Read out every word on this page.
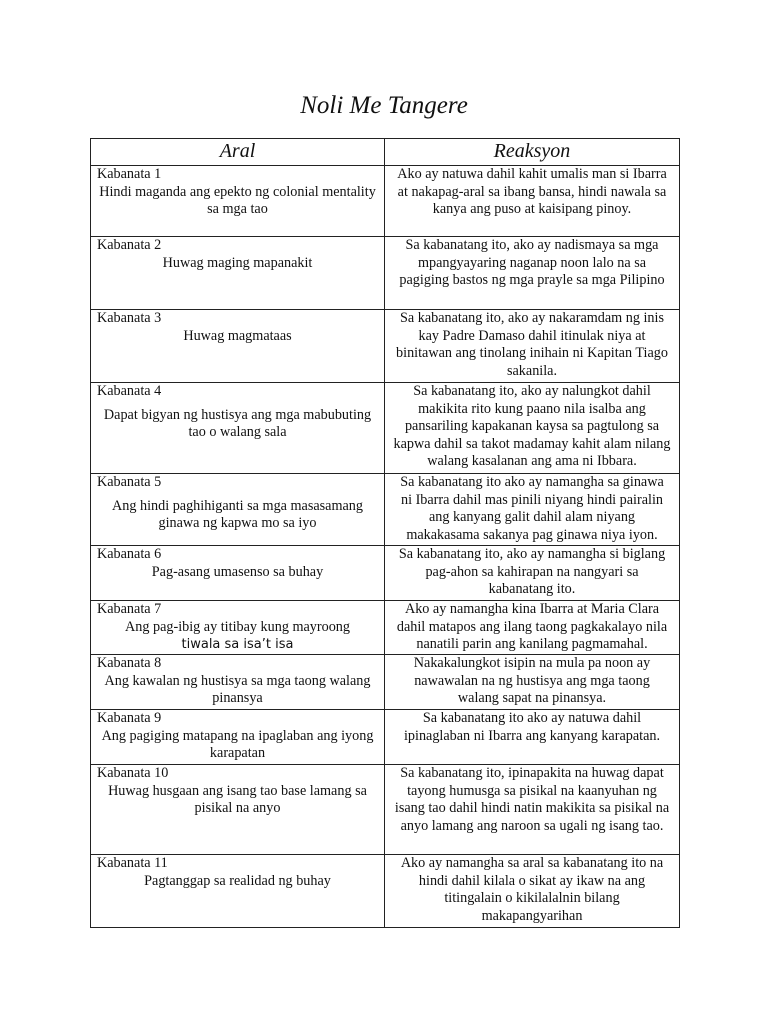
Noli Me Tangere
Aral	Reaksyon

Kabanata 1
Hindi maganda ang epekto ng colonial mentality sa mga tao	Ako ay natuwa dahil kahit umalis man si Ibarra at nakapag-aral sa ibang bansa, hindi nawala sa kanya ang puso at kaisipang pinoy.

Kabanata 2
Huwag maging mapanakit	Sa kabanatang ito, ako ay nadismaya sa mga mpangyayaring naganap noon lalo na sa pagiging bastos ng mga prayle sa mga Pilipino

Kabanata 3
Huwag magmataas	Sa kabanatang ito, ako ay nakaramdam ng inis kay Padre Damaso dahil itinulak niya at binitawan ang tinolang inihain ni Kapitan Tiago sakanila.

Kabanata 4
Dapat bigyan ng hustisya ang mga mabubuting tao o walang sala	Sa kabanatang ito, ako ay nalungkot dahil makikita rito kung paano nila isalba ang pansariling kapakanan kaysa sa pagtulong sa kapwa dahil sa takot madamay kahit alam nilang walang kasalanan ang ama ni Ibbara.

Kabanata 5
Ang hindi paghihiganti sa mga masasamang ginawa ng kapwa mo sa iyo	Sa kabanatang ito ako ay namangha sa ginawa ni Ibarra dahil mas pinili niyang hindi pairalin ang kanyang galit dahil alam niyang makakasama sakanya pag ginawa niya iyon.

Kabanata 6
Pag-asang umasenso sa buhay	Sa kabanatang ito, ako ay namangha si biglang pag-ahon sa kahirapan na nangyari sa kabanatang ito.

Kabanata 7
Ang pag-ibig ay titibay kung mayroong
tiwala sa isa’t isa	Ako ay namangha kina Ibarra at Maria Clara dahil matapos ang ilang taong pagkakalayo nila nanatili parin ang kanilang pagmamahal.

Kabanata 8
Ang kawalan ng hustisya sa mga taong walang pinansya	Nakakalungkot isipin na mula pa noon ay nawawalan na ng hustisya ang mga taong walang sapat na pinansya.

Kabanata 9
Ang pagiging matapang na ipaglaban ang iyong karapatan	Sa kabanatang ito ako ay natuwa dahil ipinaglaban ni Ibarra ang kanyang karapatan.

Kabanata 10
Huwag husgaan ang isang tao base lamang sa pisikal na anyo	Sa kabanatang ito, ipinapakita na huwag dapat tayong humusga sa pisikal na kaanyuhan ng isang tao dahil hindi natin makikita sa pisikal na anyo lamang ang naroon sa ugali ng isang tao.

Kabanata 11
Pagtanggap sa realidad ng buhay	Ako ay namangha sa aral sa kabanatang ito na hindi dahil kilala o sikat ay ikaw na ang titingalain o kikilalalnin bilang makapangyarihan
